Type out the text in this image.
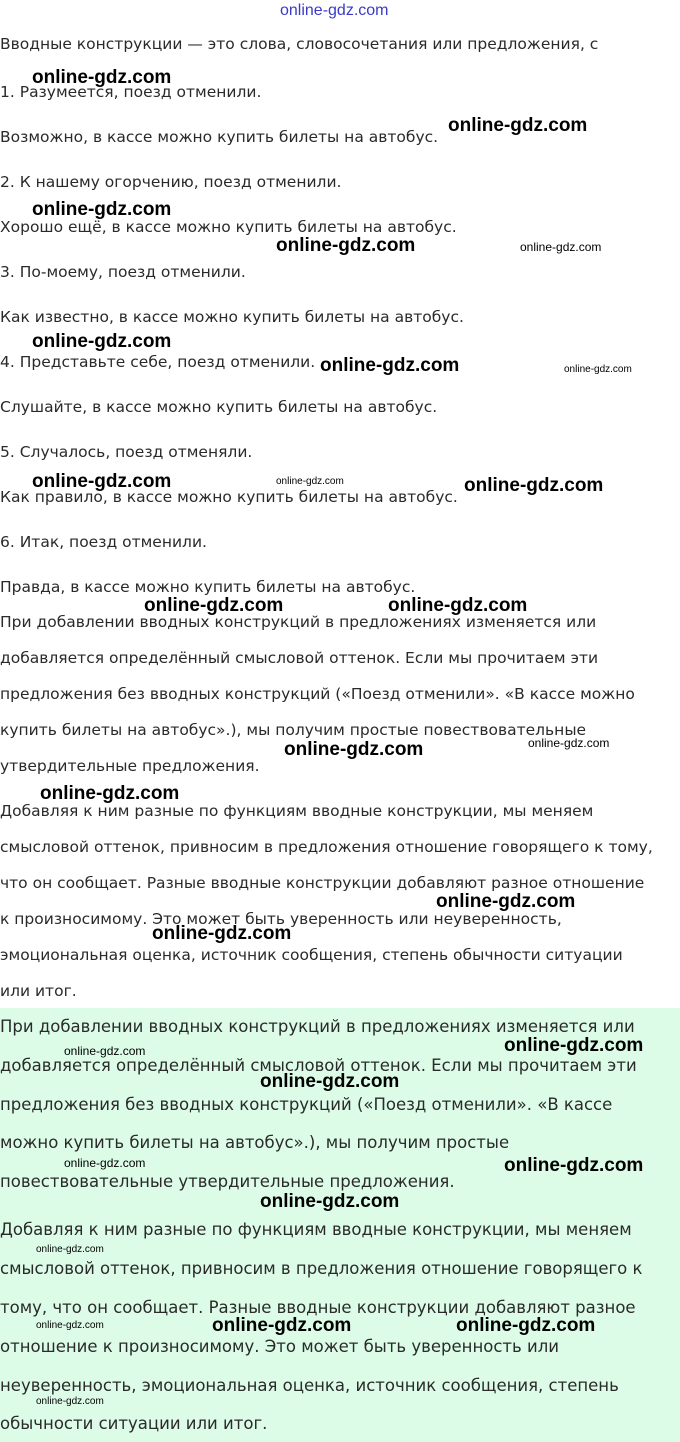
online-gdz.com
Вводные конструкции — это слова, словосочетания или предложения, с
1. Разумеется, поезд отменили.
Возможно, в кассе можно купить билеты на автобус.
2. К нашему огорчению, поезд отменили.
Хорошо ещё, в кассе можно купить билеты на автобус.
3. По-моему, поезд отменили.
Как известно, в кассе можно купить билеты на автобус.
4. Представьте себе, поезд отменили.
Слушайте, в кассе можно купить билеты на автобус.
5. Случалось, поезд отменяли.
Как правило, в кассе можно купить билеты на автобус.
6. Итак, поезд отменили.
Правда, в кассе можно купить билеты на автобус.
При добавлении вводных конструкций в предложениях изменяется или
добавляется определённый смысловой оттенок. Если мы прочитаем эти
предложения без вводных конструкций («Поезд отменили». «В кассе можно
купить билеты на автобус».), мы получим простые повествовательные
утвердительные предложения.
Добавляя к ним разные по функциям вводные конструкции, мы меняем
смысловой оттенок, привносим в предложения отношение говорящего к тому,
что он сообщает. Разные вводные конструкции добавляют разное отношение
к произносимому. Это может быть уверенность или неуверенность,
эмоциональная оценка, источник сообщения, степень обычности ситуации
или итог.
При добавлении вводных конструкций в предложениях изменяется или
добавляется определённый смысловой оттенок. Если мы прочитаем эти
предложения без вводных конструкций («Поезд отменили». «В кассе
можно купить билеты на автобус».), мы получим простые
повествовательные утвердительные предложения.
Добавляя к ним разные по функциям вводные конструкции, мы меняем
смысловой оттенок, привносим в предложения отношение говорящего к
тому, что он сообщает. Разные вводные конструкции добавляют разное
отношение к произносимому. Это может быть уверенность или
неуверенность, эмоциональная оценка, источник сообщения, степень
обычности ситуации или итог.
online-gdz.com
online-gdz.com
online-gdz.com
online-gdz.com	online-gdz.com
online-gdz.com
online-gdz.com	online-gdz.com
online-gdz.com	online-gdz.com	online-gdz.com
online-gdz.com	online-gdz.com
online-gdz.com	online-gdz.com
online-gdz.com
online-gdz.com
online-gdz.com
online-gdz.com	online-gdz.com
online-gdz.com
online-gdz.com	online-gdz.com
online-gdz.com
online-gdz.com
online-gdz.com	online-gdz.com	online-gdz.com
online-gdz.com
